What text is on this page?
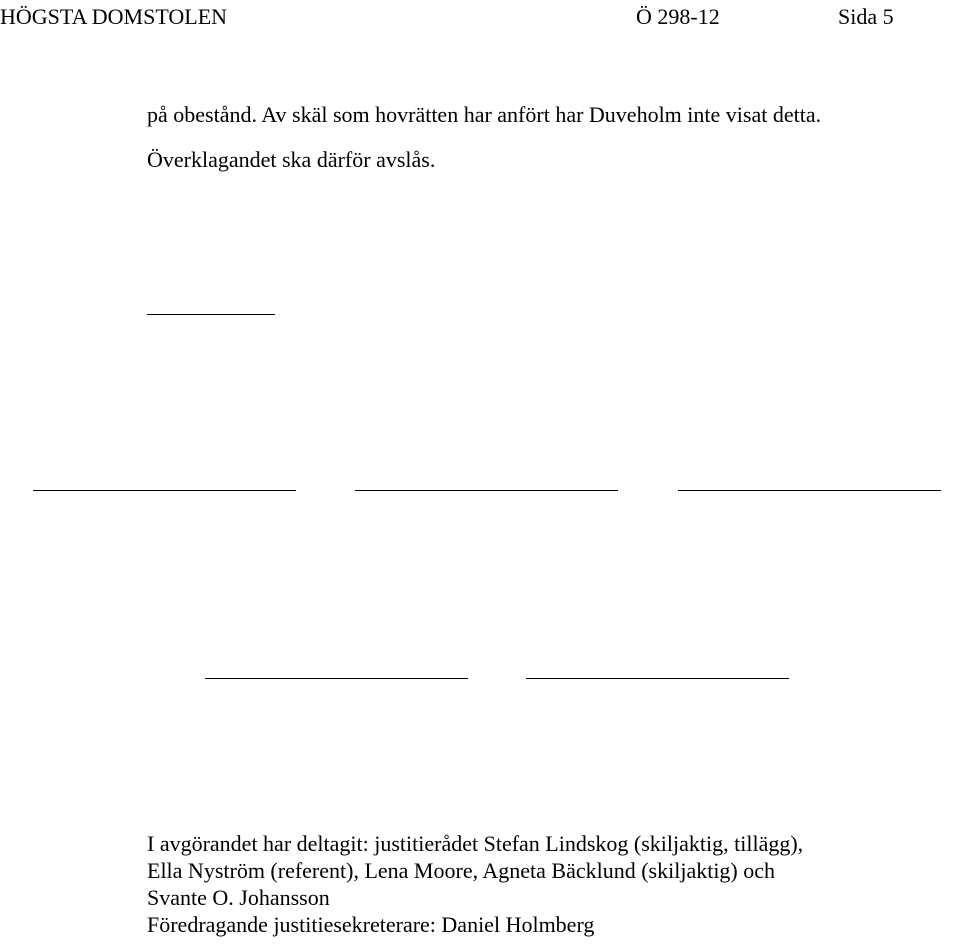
HÖGSTA DOMSTOLEN	Ö 298-12	Sida 5
på obestånd. Av skäl som hovrätten har anfört har Duveholm inte visat detta.
Överklagandet ska därför avslås.
I avgörandet har deltagit: justitierådet Stefan Lindskog (skiljaktig, tillägg),
Ella Nyström (referent), Lena Moore, Agneta Bäcklund (skiljaktig) och
Svante O. Johansson
Föredragande justitiesekreterare: Daniel Holmberg
